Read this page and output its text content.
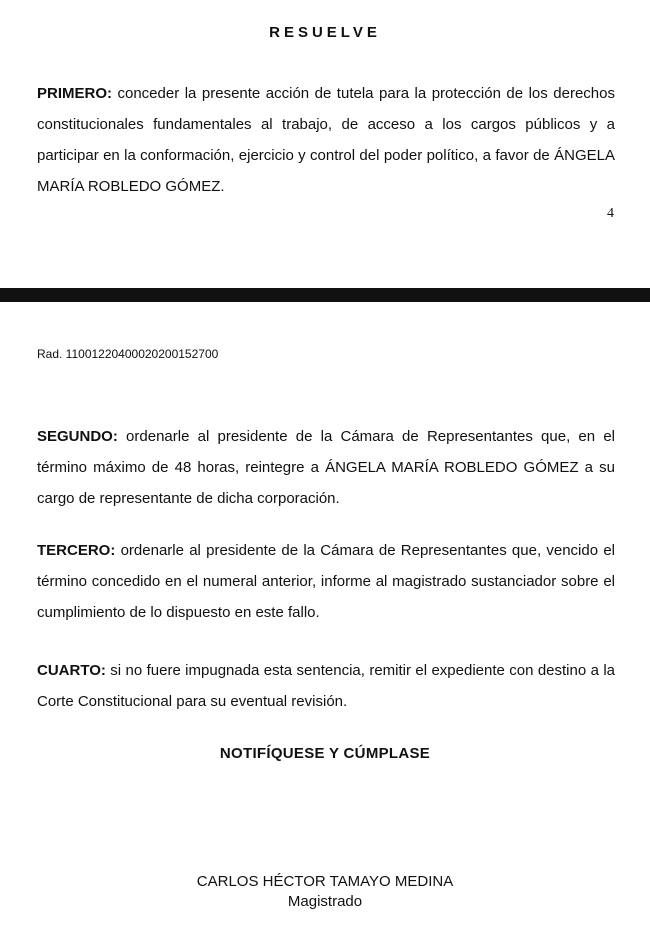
RESUELVE
PRIMERO: conceder la presente acción de tutela para la protección de los derechos constitucionales fundamentales al trabajo, de acceso a los cargos públicos y a participar en la conformación, ejercicio y control del poder político, a favor de ÁNGELA MARÍA ROBLEDO GÓMEZ.
4
Rad. 11001220400020200152700
SEGUNDO: ordenarle al presidente de la Cámara de Representantes que, en el término máximo de 48 horas, reintegre a ÁNGELA MARÍA ROBLEDO GÓMEZ a su cargo de representante de dicha corporación.
TERCERO: ordenarle al presidente de la Cámara de Representantes que, vencido el término concedido en el numeral anterior, informe al magistrado sustanciador sobre el cumplimiento de lo dispuesto en este fallo.
CUARTO: si no fuere impugnada esta sentencia, remitir el expediente con destino a la Corte Constitucional para su eventual revisión.
NOTIFÍQUESE Y CÚMPLASE
CARLOS HÉCTOR TAMAYO MEDINA
Magistrado
